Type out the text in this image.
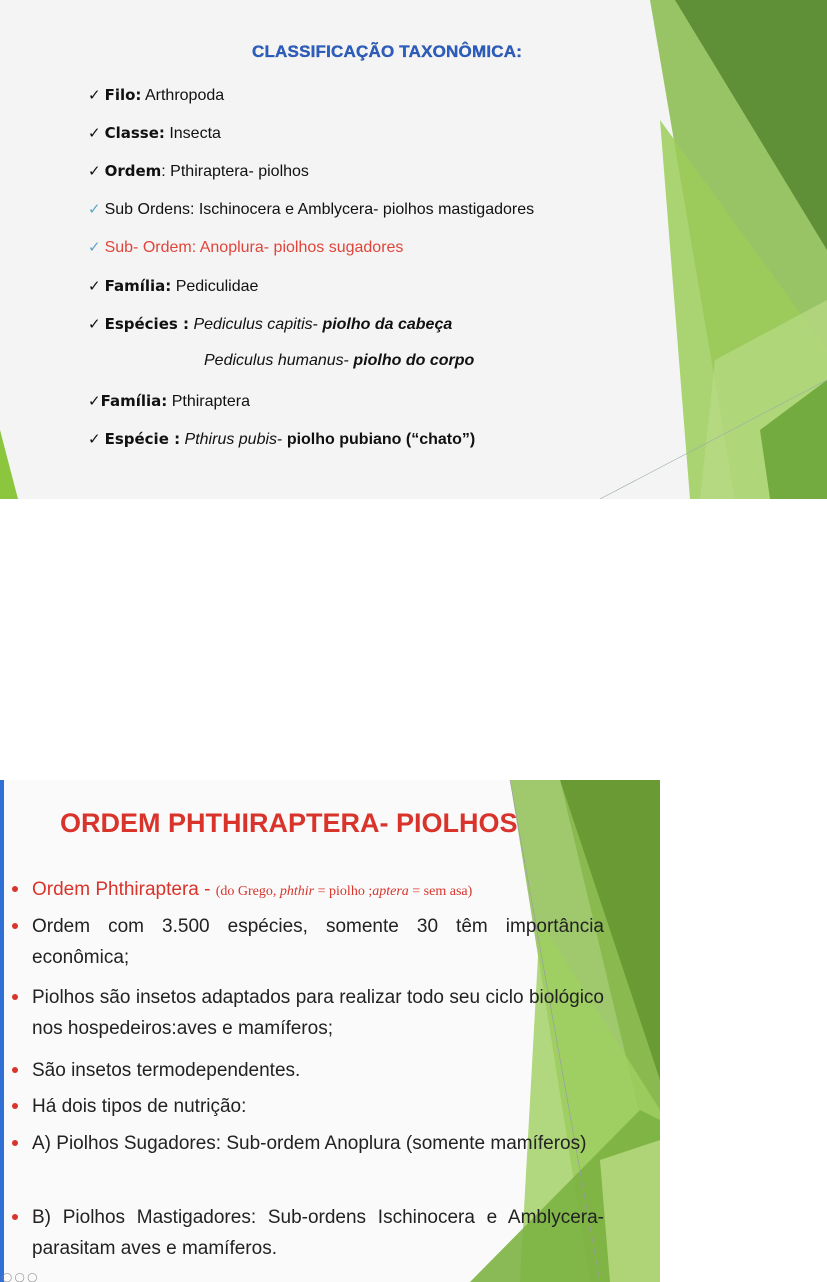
CLASSIFICAÇÃO TAXONÔMICA:
✓ Filo: Arthropoda
✓ Classe: Insecta
✓ Ordem: Pthiraptera- piolhos
✓ Sub Ordens: Ischinocera e Amblycera- piolhos mastigadores
✓ Sub- Ordem: Anoplura- piolhos sugadores
✓ Família: Pediculidae
✓ Espécies : Pediculus capitis- piolho da cabeça
Pediculus humanus- piolho do corpo
✓Família: Pthiraptera
✓ Espécie : Pthirus pubis- piolho pubiano (“chato”)
ORDEM PHTHIRAPTERA- PIOLHOS
Ordem Phthiraptera - (do Grego, phthir = piolho ;aptera = sem asa)
Ordem com 3.500 espécies, somente 30 têm importância econômica;
Piolhos são insetos adaptados para realizar todo seu ciclo biológico nos hospedeiros:aves e mamíferos;
São insetos termodependentes.
Há dois tipos de nutrição:
A) Piolhos Sugadores: Sub-ordem Anoplura (somente mamíferos)
B) Piolhos Mastigadores: Sub-ordens Ischinocera e Amblycera- parasitam aves e mamíferos.
◯ ◯ ◯
